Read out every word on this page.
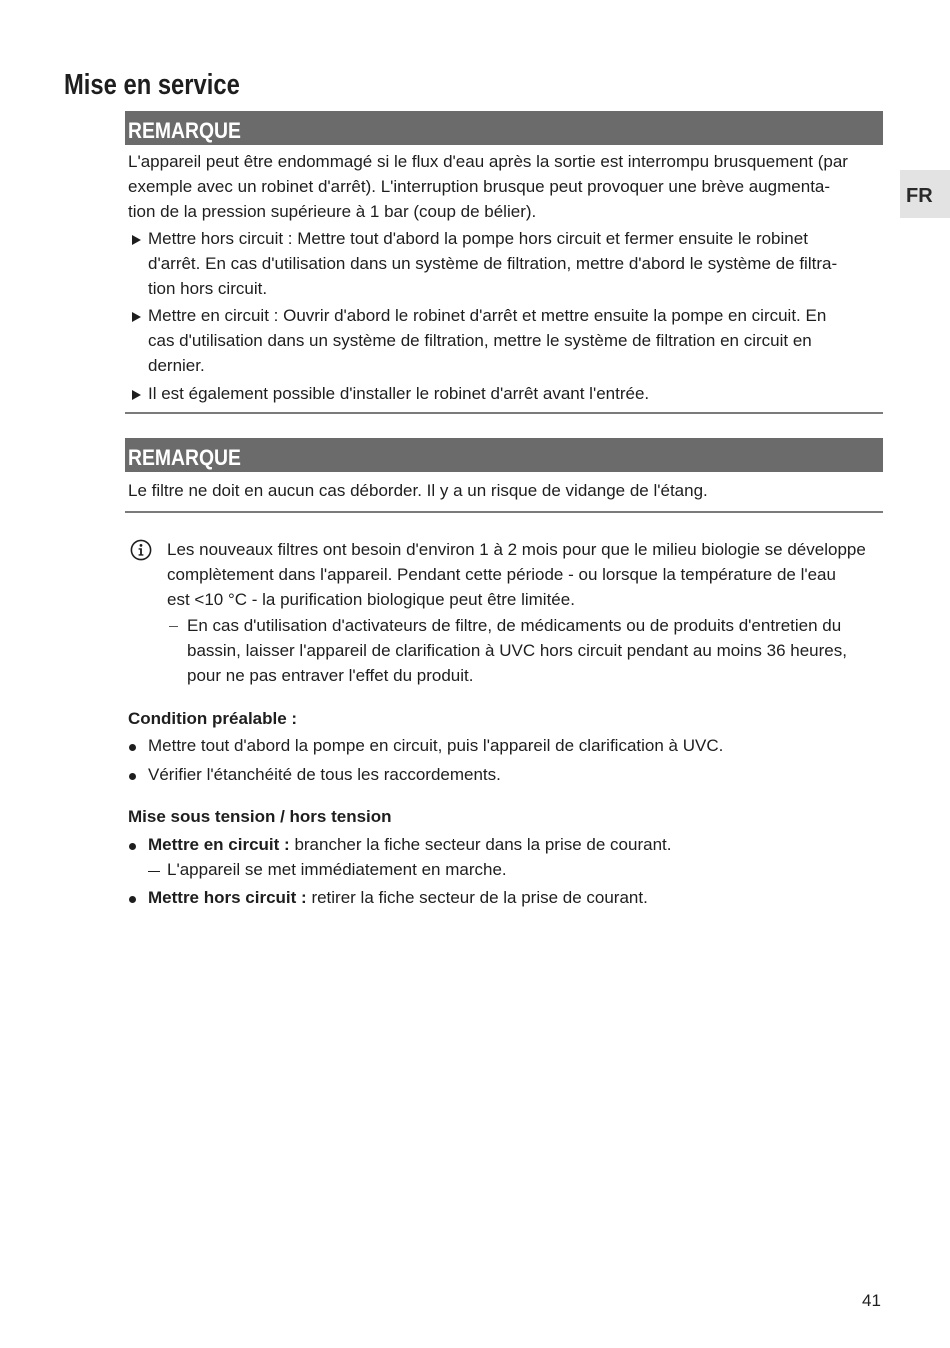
Mise en service
FR
REMARQUE
L'appareil peut être endommagé si le flux d'eau après la sortie est interrompu brusquement (par
exemple avec un robinet d'arrêt). L'interruption brusque peut provoquer une brève augmenta-
tion de la pression supérieure à 1 bar (coup de bélier).
Mettre hors circuit : Mettre tout d'abord la pompe hors circuit et fermer ensuite le robinet
d'arrêt. En cas d'utilisation dans un système de filtration, mettre d'abord le système de filtra-
tion hors circuit.
Mettre en circuit : Ouvrir d'abord le robinet d'arrêt et mettre ensuite la pompe en circuit. En
cas d'utilisation dans un système de filtration, mettre le système de filtration en circuit en
dernier.
Il est également possible d'installer le robinet d'arrêt avant l'entrée.
REMARQUE
Le filtre ne doit en aucun cas déborder. Il y a un risque de vidange de l'étang.
Les nouveaux filtres ont besoin d'environ 1 à 2 mois pour que le milieu biologie se développe
complètement dans l'appareil. Pendant cette période - ou lorsque la température de l'eau
est <10 °C - la purification biologique peut être limitée.
En cas d'utilisation d'activateurs de filtre, de médicaments ou de produits d'entretien du
bassin, laisser l'appareil de clarification à UVC hors circuit pendant au moins 36 heures,
pour ne pas entraver l'effet du produit.
Condition préalable :
Mettre tout d'abord la pompe en circuit, puis l'appareil de clarification à UVC.
Vérifier l'étanchéité de tous les raccordements.
Mise sous tension / hors tension
Mettre en circuit : brancher la fiche secteur dans la prise de courant.
L'appareil se met immédiatement en marche.
Mettre hors circuit : retirer la fiche secteur de la prise de courant.
41
